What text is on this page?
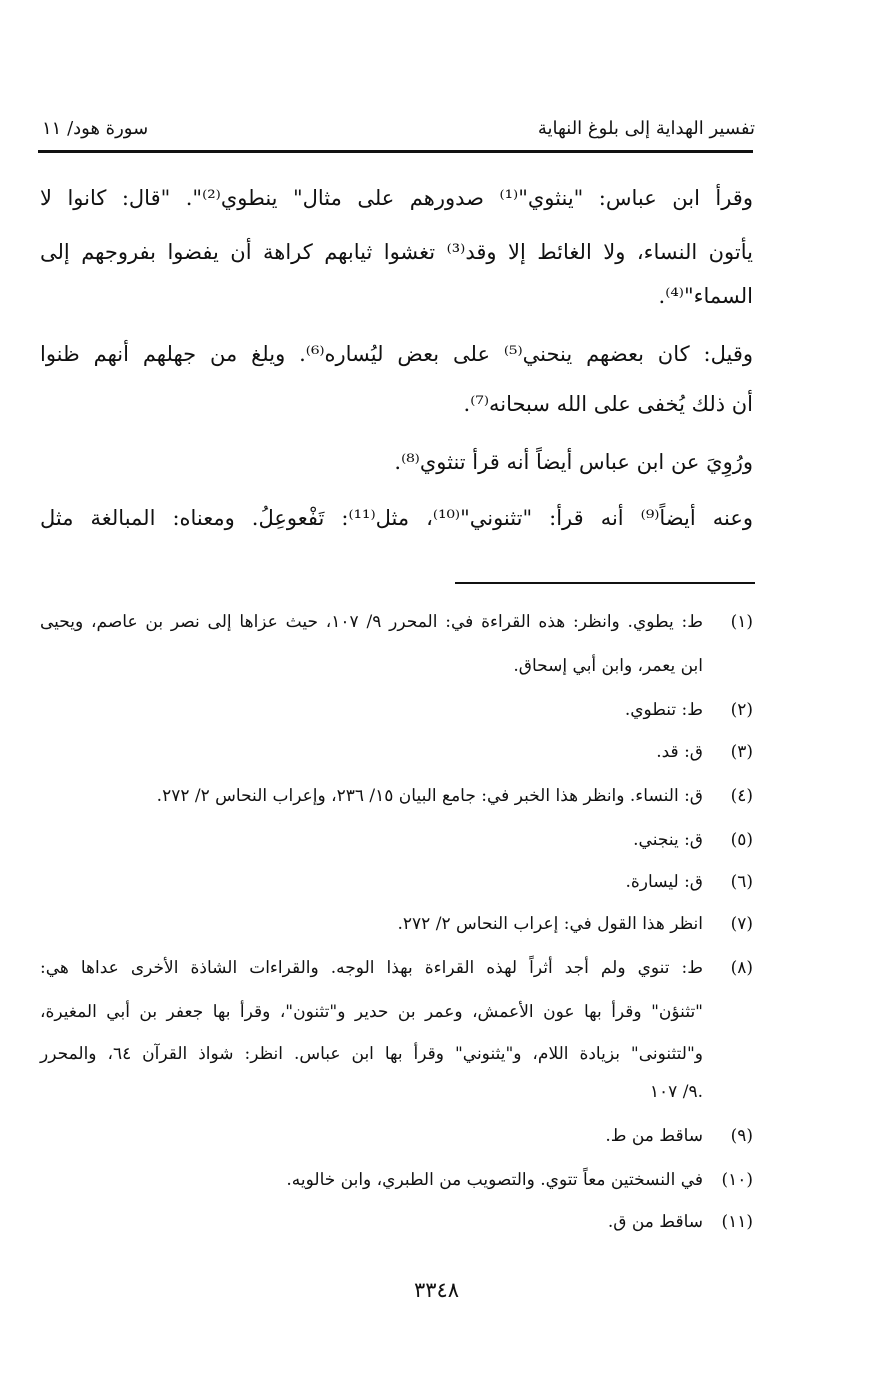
تفسير الهداية إلى بلوغ النهاية
سورة هود/ ١١
وقرأ ابن عباس: "ينثوي"⁽¹⁾ صدورهم على مثال" ينطوي⁽²⁾". "قال: كانوا لا
يأتون النساء، ولا الغائط إلا وقد⁽³⁾ تغشوا ثيابهم كراهة أن يفضوا بفروجهم إلى
السماء"⁽⁴⁾.
وقيل: كان بعضهم ينحني⁽⁵⁾ على بعض ليُساره⁽⁶⁾. ويلغ من جهلهم أنهم ظنوا
أن ذلك يُخفى على الله سبحانه⁽⁷⁾.
ورُوِيَ عن ابن عباس أيضاً أنه قرأ تنثوي⁽⁸⁾.
وعنه أيضاً⁽⁹⁾ أنه قرأ: "تثنوني"⁽¹⁰⁾، مثل⁽¹¹⁾: تَفْعوعِلُ. ومعناه: المبالغة مثل
(١)
ط: يطوي. وانظر: هذه القراءة في: المحرر ٩/ ١٠٧، حيث عزاها إلى نصر بن عاصم، ويحيى
ابن يعمر، وابن أبي إسحاق.
(٢)
ط: تنطوي.
(٣)
ق: قد.
(٤)
ق: النساء. وانظر هذا الخبر في: جامع البيان ١٥/ ٢٣٦، وإعراب النحاس ٢/ ٢٧٢.
(٥)
ق: ينجني.
(٦)
ق: ليسارة.
(٧)
انظر هذا القول في: إعراب النحاس ٢/ ٢٧٢.
(٨)
ط: تنوي ولم أجد أثراً لهذه القراءة بهذا الوجه. والقراءات الشاذة الأخرى عداها هي:
"تثنؤن" وقرأ بها عون الأعمش، وعمر بن حدير و"تثنون"، وقرأ بها جعفر بن أبي المغيرة،
و"لتثنونى" بزيادة اللام، و"يثنوني" وقرأ بها ابن عباس. انظر: شواذ القرآن ٦٤، والمحرر
٩/ ١٠٧.
(٩)
ساقط من ط.
(١٠)
في النسختين معاً تتوي. والتصويب من الطبري، وابن خالويه.
(١١)
ساقط من ق.
٣٣٤٨
